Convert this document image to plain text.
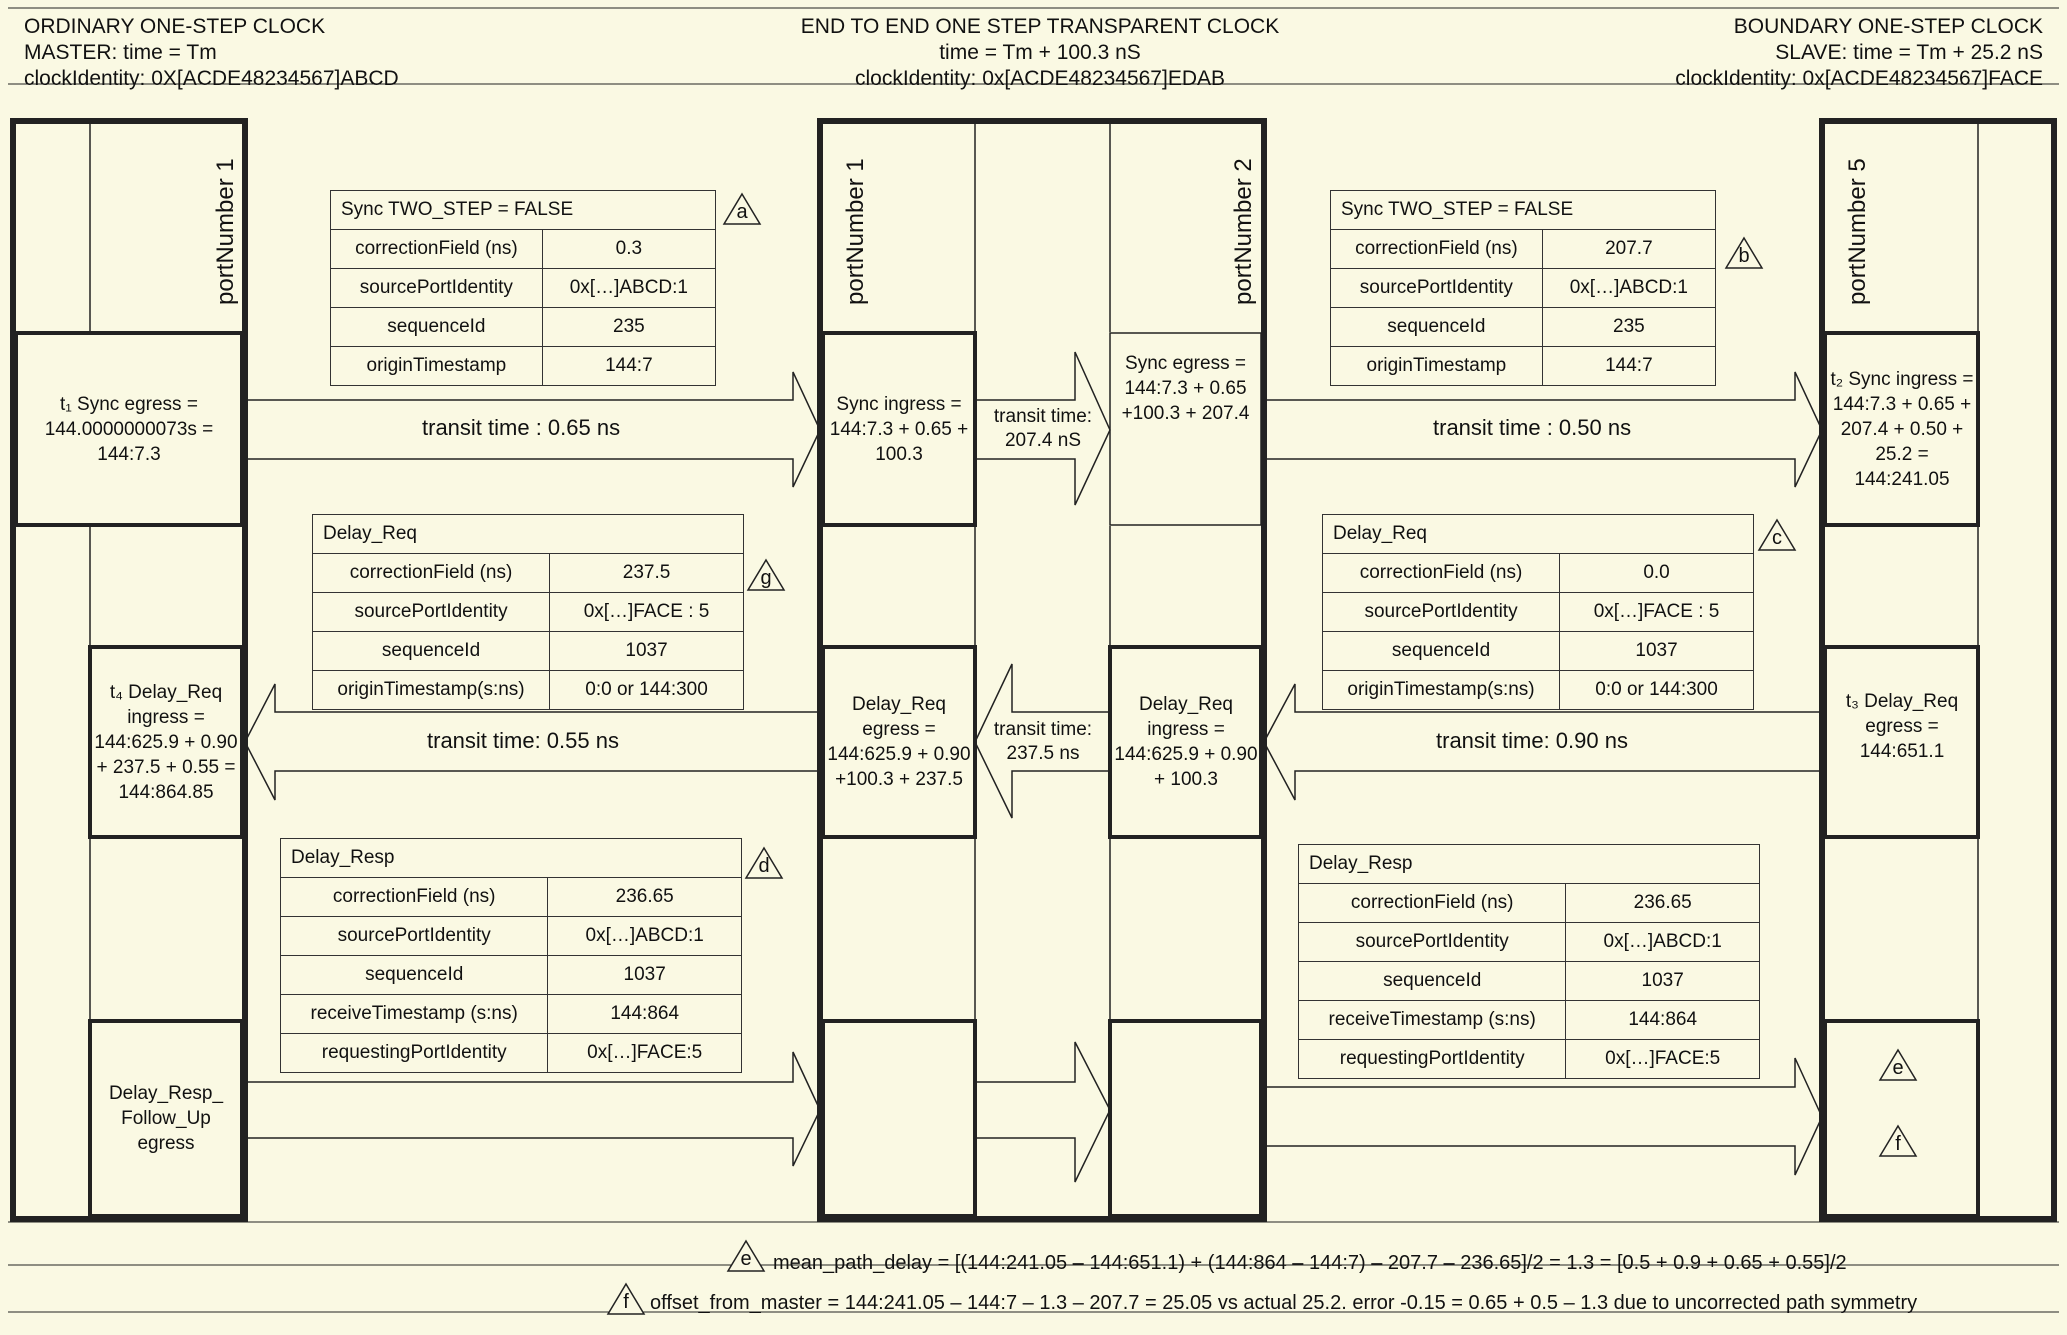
ORDINARY ONE-STEP CLOCK
MASTER: time = Tm
clockIdentity: 0X[ACDE48234567]ABCD
END TO END ONE STEP TRANSPARENT CLOCK
time = Tm + 100.3 nS
clockIdentity: 0x[ACDE48234567]EDAB
BOUNDARY ONE-STEP CLOCK
SLAVE: time = Tm + 25.2 nS
clockIdentity: 0x[ACDE48234567]FACE
portNumber 1	portNumber 1	portNumber 2	portNumber 5
t₁ Sync egress = 144.0000000073s = 144:7.3
Sync ingress = 144:7.3 + 0.65 + 100.3
Sync egress = 144:7.3 + 0.65 +100.3 + 207.4
t₂ Sync ingress = 144:7.3 + 0.65 + 207.4 + 0.50 + 25.2 = 144:241.05
t₄ Delay_Req ingress = 144:625.9 + 0.90 + 237.5 + 0.55 = 144:864.85
Delay_Req egress = 144:625.9 + 0.90 +100.3 + 237.5
Delay_Req ingress = 144:625.9 + 0.90 + 100.3
t₃ Delay_Req egress = 144:651.1
Delay_Resp_ Follow_Up egress
transit time : 0.65 ns	transit time: 207.4 nS
transit time : 0.50 ns
transit time: 0.55 ns	transit time: 237.5 ns
transit time: 0.90 ns
Sync TWO_STEP = FALSE	
correctionField (ns)	0.3
sourcePortIdentity	0x[…]ABCD:1
sequenceId	235
originTimestamp	144:7
Sync TWO_STEP = FALSE	
correctionField (ns)	207.7
sourcePortIdentity	0x[…]ABCD:1
sequenceId	235
originTimestamp	144:7
Delay_Req	
correctionField (ns)	237.5
sourcePortIdentity	0x[…]FACE : 5
sequenceId	1037
originTimestamp(s:ns)	0:0 or 144:300
Delay_Req	
correctionField (ns)	0.0
sourcePortIdentity	0x[…]FACE : 5
sequenceId	1037
originTimestamp(s:ns)	0:0 or 144:300
Delay_Resp	
correctionField (ns)	236.65
sourcePortIdentity	0x[…]ABCD:1
sequenceId	1037
receiveTimestamp (s:ns)	144:864
requestingPortIdentity	0x[…]FACE:5
Delay_Resp	
correctionField (ns)	236.65
sourcePortIdentity	0x[…]ABCD:1
sequenceId	1037
receiveTimestamp (s:ns)	144:864
requestingPortIdentity	0x[…]FACE:5
a
b
g
c
d
e
f
e	mean_path_delay = [(144:241.05 – 144:651.1) + (144:864 – 144:7) – 207.7 – 236.65]/2 = 1.3 = [0.5 + 0.9 + 0.65 + 0.55]/2
f	offset_from_master = 144:241.05 – 144:7 – 1.3 – 207.7 = 25.05 vs actual 25.2. error -0.15 = 0.65 + 0.5 – 1.3 due to uncorrected path symmetry
